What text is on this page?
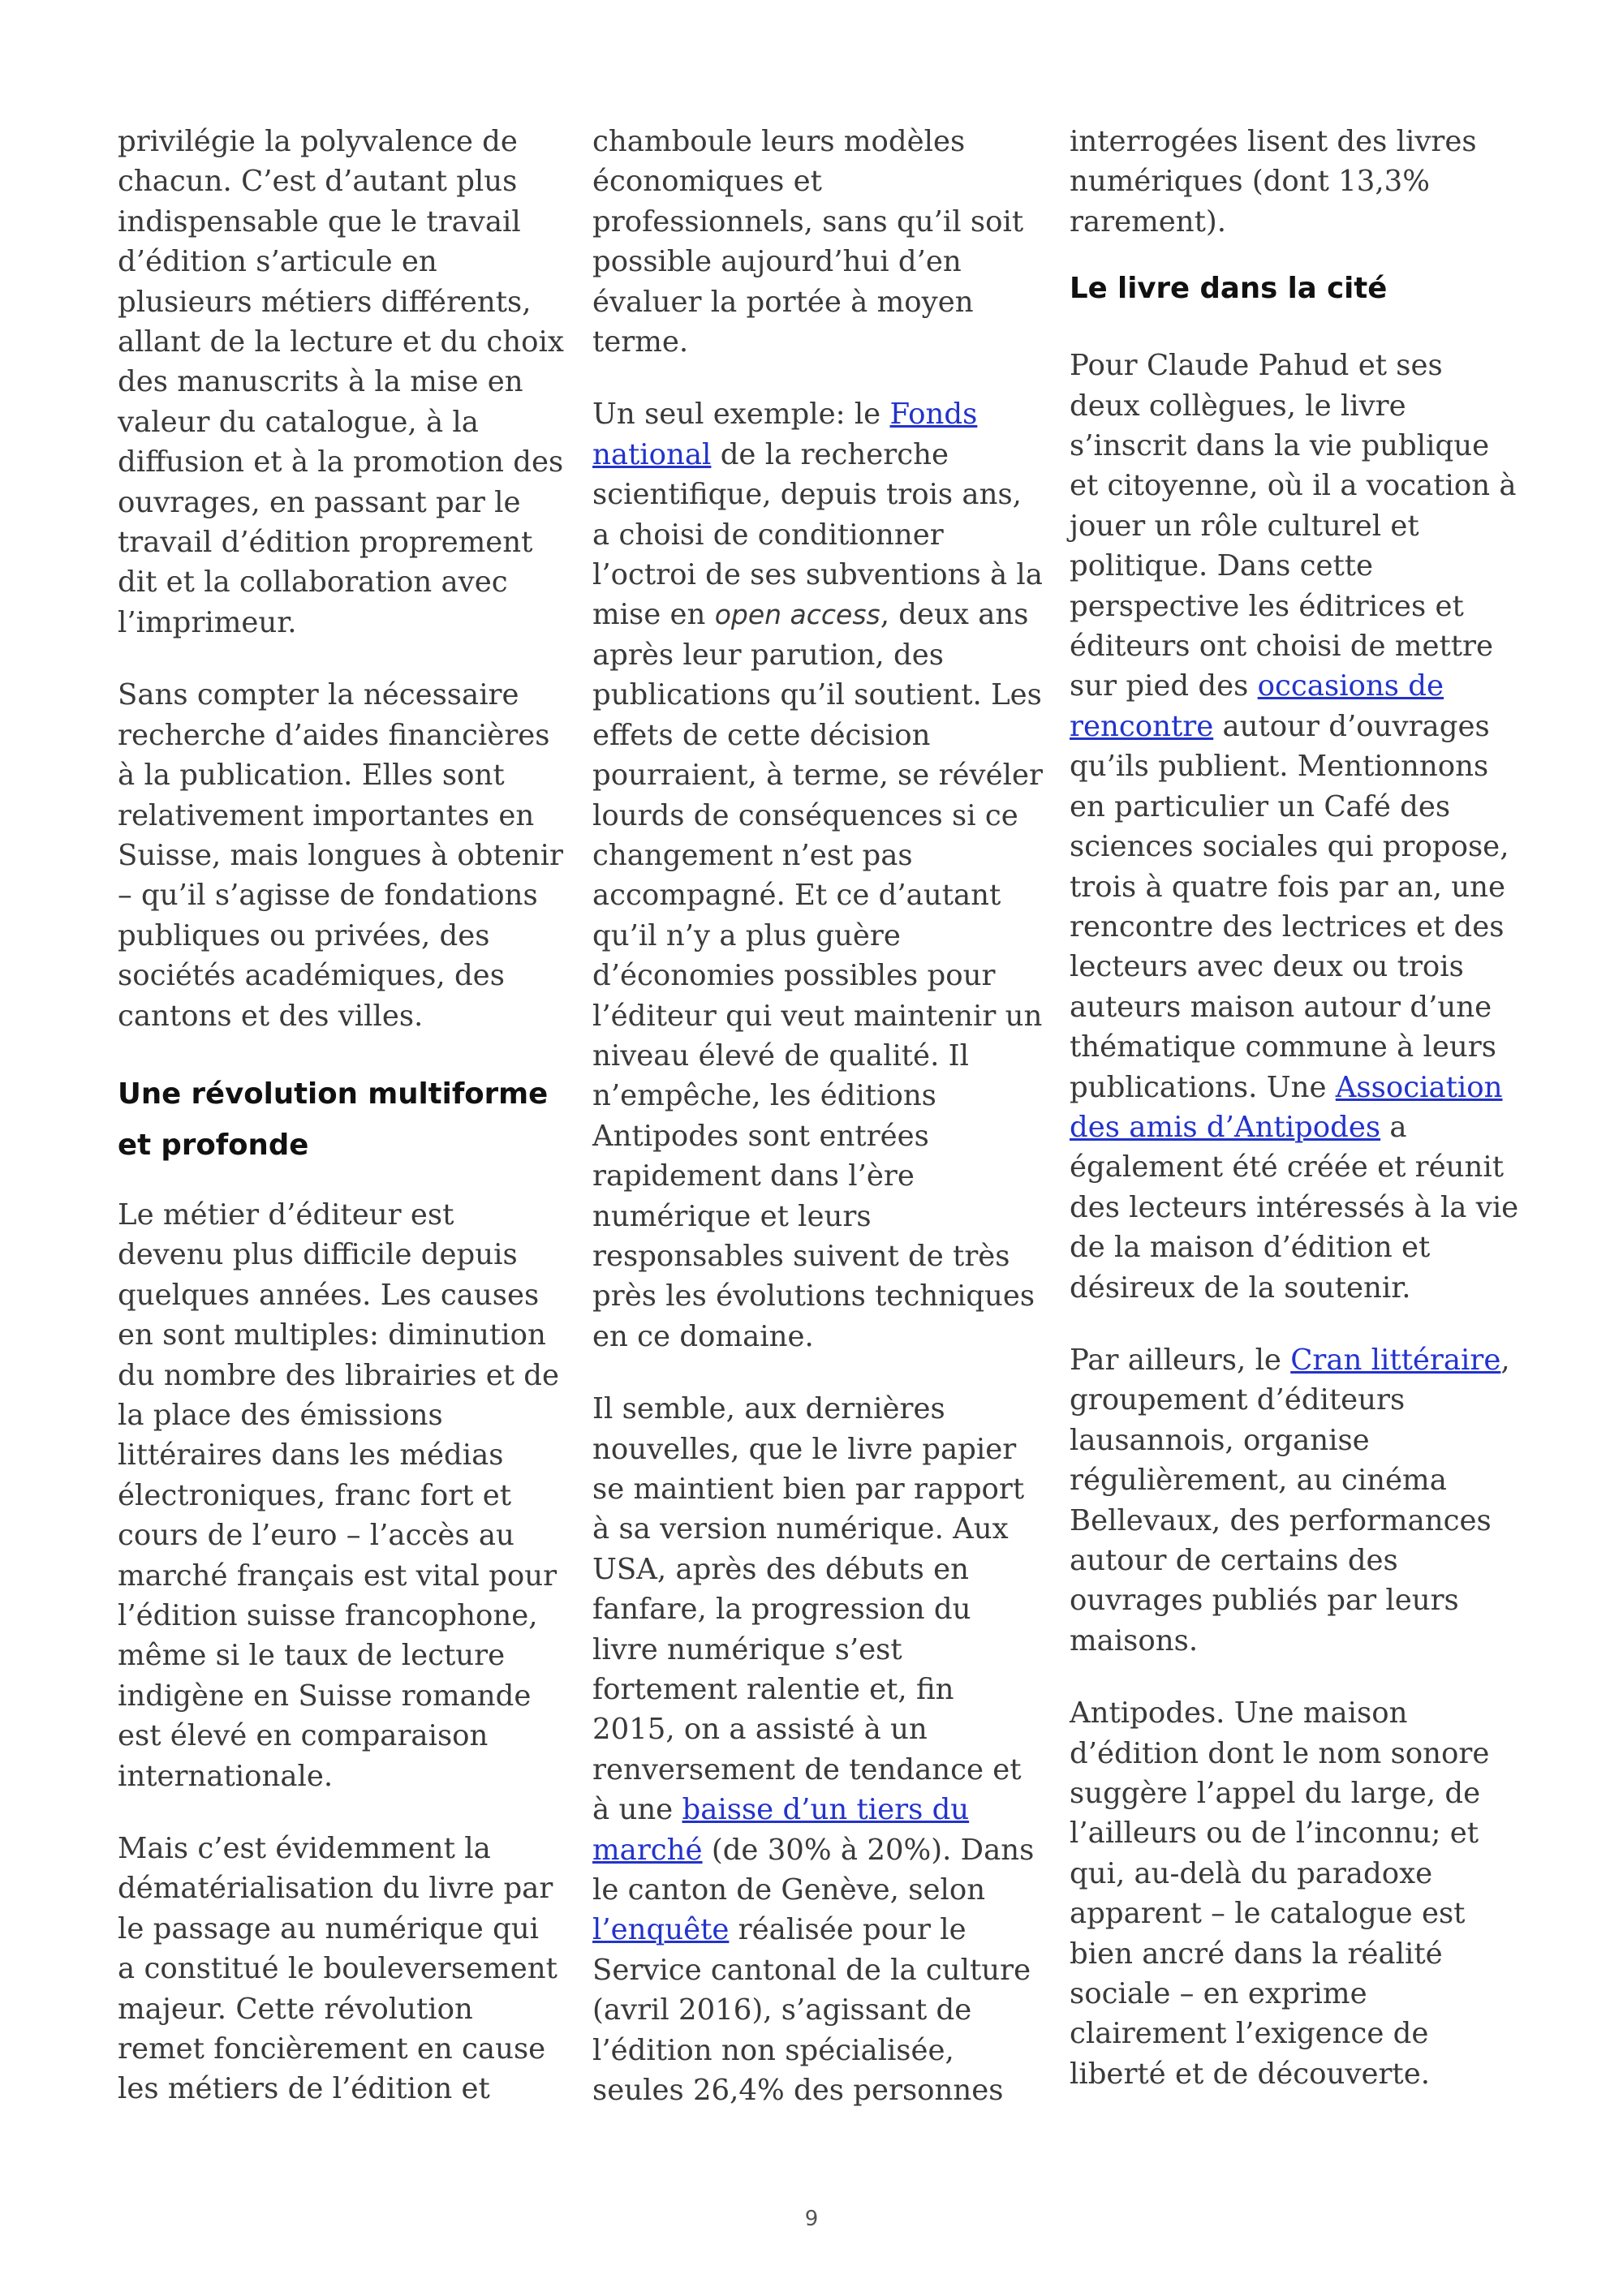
privilégie la polyvalence de chacun. C’est d’autant plus indispensable que le travail d’édition s’articule en plusieurs métiers différents, allant de la lecture et du choix des manuscrits à la mise en valeur du catalogue, à la diffusion et à la promotion des ouvrages, en passant par le travail d’édition proprement dit et la collaboration avec l’imprimeur.

Sans compter la nécessaire recherche d’aides financières à la publication. Elles sont relativement importantes en Suisse, mais longues à obtenir – qu’il s’agisse de fondations publiques ou privées, des sociétés académiques, des cantons et des villes.

Une révolution multiforme et profonde

Le métier d’éditeur est devenu plus difficile depuis quelques années. Les causes en sont multiples: diminution du nombre des librairies et de la place des émissions littéraires dans les médias électroniques, franc fort et cours de l’euro – l’accès au marché français est vital pour l’édition suisse francophone, même si le taux de lecture indigène en Suisse romande est élevé en comparaison internationale.

Mais c’est évidemment la dématérialisation du livre par le passage au numérique qui a constitué le bouleversement majeur. Cette révolution remet foncièrement en cause les métiers de l’édition et

chamboule leurs modèles économiques et professionnels, sans qu’il soit possible aujourd’hui d’en évaluer la portée à moyen terme.

Un seul exemple: le Fonds national de la recherche scientifique, depuis trois ans, a choisi de conditionner l’octroi de ses subventions à la mise en open access, deux ans après leur parution, des publications qu’il soutient. Les effets de cette décision pourraient, à terme, se révéler lourds de conséquences si ce changement n’est pas accompagné. Et ce d’autant qu’il n’y a plus guère d’économies possibles pour l’éditeur qui veut maintenir un niveau élevé de qualité. Il n’empêche, les éditions Antipodes sont entrées rapidement dans l’ère numérique et leurs responsables suivent de très près les évolutions techniques en ce domaine.

Il semble, aux dernières nouvelles, que le livre papier se maintient bien par rapport à sa version numérique. Aux USA, après des débuts en fanfare, la progression du livre numérique s’est fortement ralentie et, fin 2015, on a assisté à un renversement de tendance et à une baisse d’un tiers du marché (de 30% à 20%). Dans le canton de Genève, selon l’enquête réalisée pour le Service cantonal de la culture (avril 2016), s’agissant de l’édition non spécialisée, seules 26,4% des personnes

interrogées lisent des livres numériques (dont 13,3% rarement).

Le livre dans la cité

Pour Claude Pahud et ses deux collègues, le livre s’inscrit dans la vie publique et citoyenne, où il a vocation à jouer un rôle culturel et politique. Dans cette perspective les éditrices et éditeurs ont choisi de mettre sur pied des occasions de rencontre autour d’ouvrages qu’ils publient. Mentionnons en particulier un Café des sciences sociales qui propose, trois à quatre fois par an, une rencontre des lectrices et des lecteurs avec deux ou trois auteurs maison autour d’une thématique commune à leurs publications. Une Association des amis d’Antipodes a également été créée et réunit des lecteurs intéressés à la vie de la maison d’édition et désireux de la soutenir.

Par ailleurs, le Cran littéraire, groupement d’éditeurs lausannois, organise régulièrement, au cinéma Bellevaux, des performances autour de certains des ouvrages publiés par leurs maisons.

Antipodes. Une maison d’édition dont le nom sonore suggère l’appel du large, de l’ailleurs ou de l’inconnu; et qui, au-delà du paradoxe apparent – le catalogue est bien ancré dans la réalité sociale – en exprime clairement l’exigence de liberté et de découverte.

9
